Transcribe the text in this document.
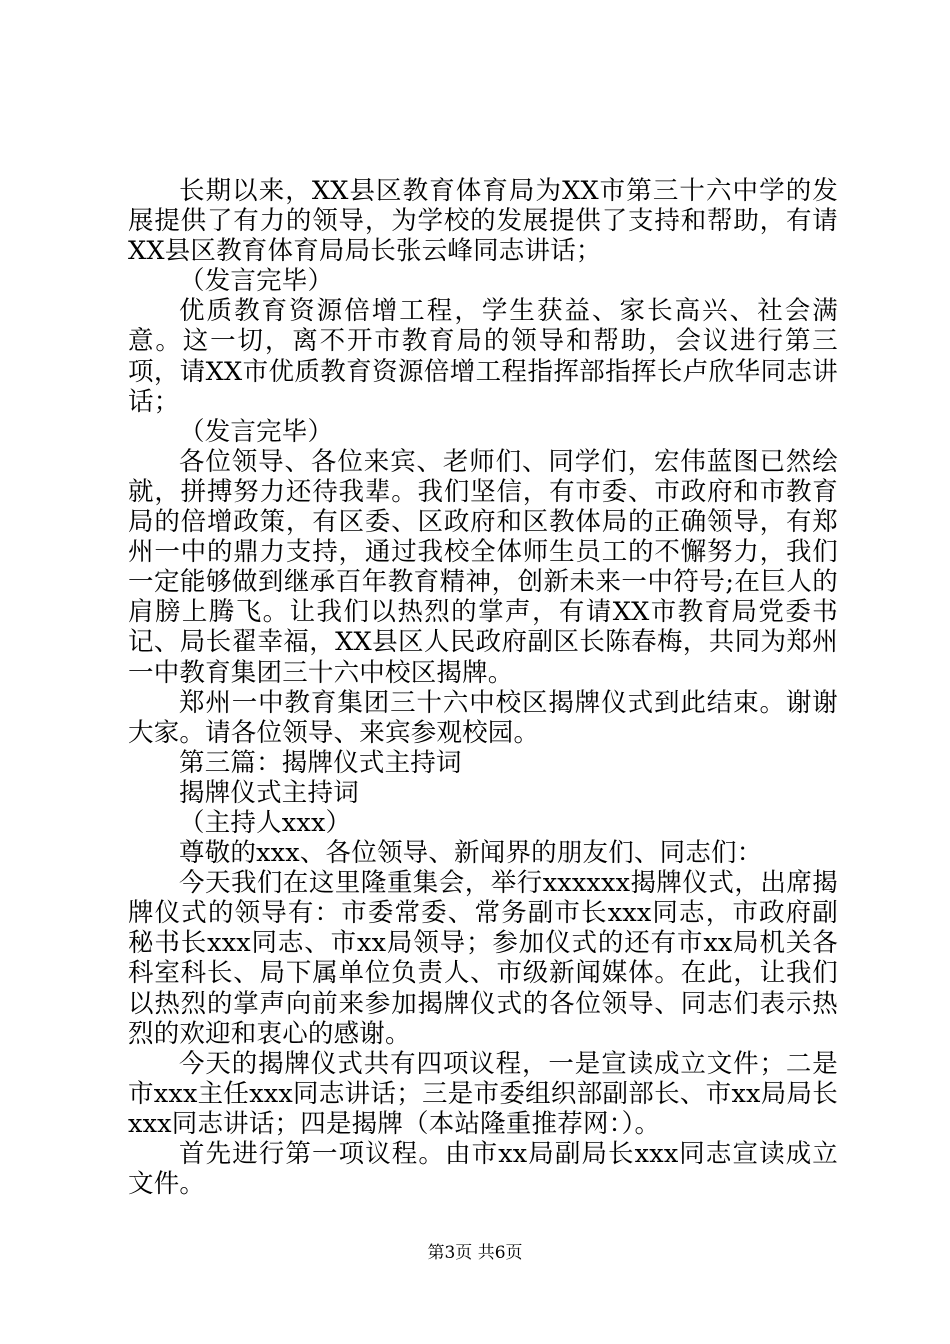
长期以来，XX县区教育体育局为XX市第三十六中学的发展提供了有力的领导，为学校的发展提供了支持和帮助，有请XX县区教育体育局局长张云峰同志讲话；

（发言完毕）

优质教育资源倍增工程，学生获益、家长高兴、社会满意。这一切，离不开市教育局的领导和帮助，会议进行第三项，请XX市优质教育资源倍增工程指挥部指挥长卢欣华同志讲话；

（发言完毕）

各位领导、各位来宾、老师们、同学们，宏伟蓝图已然绘就，拼搏努力还待我辈。我们坚信，有市委、市政府和市教育局的倍增政策，有区委、区政府和区教体局的正确领导，有郑州一中的鼎力支持，通过我校全体师生员工的不懈努力，我们一定能够做到继承百年教育精神，创新未来一中符号;在巨人的肩膀上腾飞。让我们以热烈的掌声，有请XX市教育局党委书记、局长翟幸福，XX县区人民政府副区长陈春梅，共同为郑州一中教育集团三十六中校区揭牌。

郑州一中教育集团三十六中校区揭牌仪式到此结束。谢谢大家。请各位领导、来宾参观校园。

第三篇：揭牌仪式主持词

揭牌仪式主持词

（主持人xxx）

尊敬的xxx、各位领导、新闻界的朋友们、同志们：

今天我们在这里隆重集会，举行xxxxxx揭牌仪式，出席揭牌仪式的领导有：市委常委、常务副市长xxx同志，市政府副秘书长xxx同志、市xx局领导；参加仪式的还有市xx局机关各科室科长、局下属单位负责人、市级新闻媒体。在此，让我们以热烈的掌声向前来参加揭牌仪式的各位领导、同志们表示热烈的欢迎和衷心的感谢。

今天的揭牌仪式共有四项议程，一是宣读成立文件；二是市xxx主任xxx同志讲话；三是市委组织部副部长、市xx局局长xxx同志讲话；四是揭牌（本站隆重推荐网：）。

首先进行第一项议程。由市xx局副局长xxx同志宣读成立文件。

第3页 共6页
